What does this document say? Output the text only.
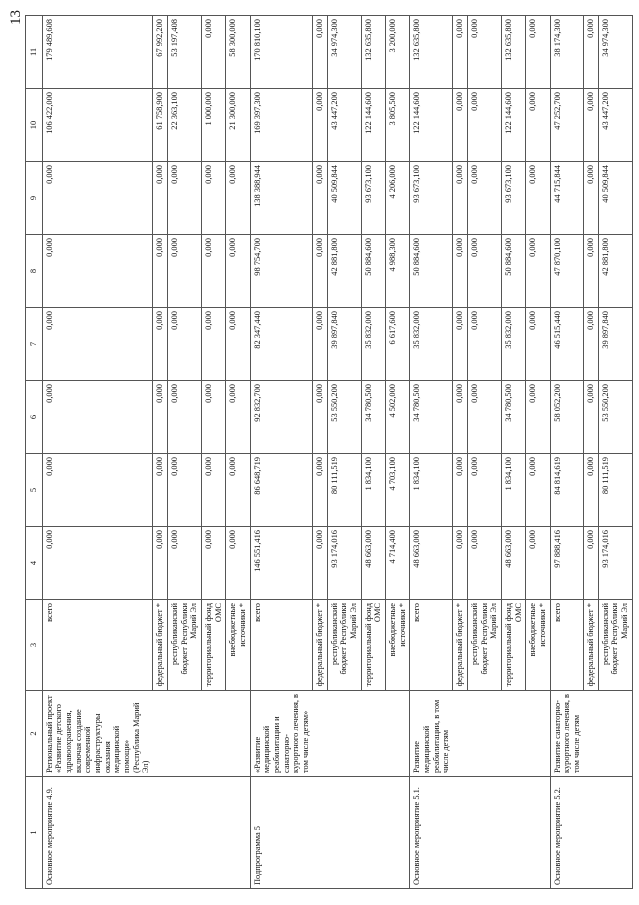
13
1	2	3	4	5	6	7	8	9	10	11
Основное мероприятие 4.9.	Региональный проект «Развитие детского здравоохранения, включая создание современной инфраструктуры оказания медицинской помощи» (Республика Марий Эл)	всего	0,000	0,000	0,000	0,000	0,000	0,000	106 422,000	179 489,608
		федеральный бюджет *	0,000	0,000	0,000	0,000	0,000	0,000	61 758,900	67 992,200
		республиканский бюджет Республики Марий Эл	0,000	0,000	0,000	0,000	0,000	0,000	22 363,100	53 197,408
		территориальный фонд ОМС	0,000	0,000	0,000	0,000	0,000	0,000	1 000,000	0,000
		внебюджетные источники *	0,000	0,000	0,000	0,000	0,000	0,000	21 300,000	58 300,000
Подпрограмма 5	«Развитие медицинской реабилитации и санаторно-курортного лечения, в том числе детям»	всего	146 551,416	86 648,719	92 832,700	82 347,440	98 754,700	138 388,944	169 397,300	170 810,100
		федеральный бюджет *	0,000	0,000	0,000	0,000	0,000	0,000	0,000	0,000
		республиканский бюджет Республики Марий Эл	93 174,016	80 111,519	53 550,200	39 897,840	42 881,800	40 509,844	43 447,200	34 974,300
		территориальный фонд ОМС	48 663,000	1 834,100	34 780,500	35 832,000	50 884,600	93 673,100	122 144,600	132 635,800
		внебюджетные источники *	4 714,400	4 703,100	4 502,000	6 617,600	4 988,300	4 206,000	3 805,500	3 200,000
Основное мероприятие 5.1.	Развитие медицинской реабилитации, в том числе детям	всего	48 663,000	1 834,100	34 780,500	35 832,000	50 884,600	93 673,100	122 144,600	132 635,800
		федеральный бюджет *	0,000	0,000	0,000	0,000	0,000	0,000	0,000	0,000
		республиканский бюджет Республики Марий Эл	0,000	0,000	0,000	0,000	0,000	0,000	0,000	0,000
		территориальный фонд ОМС	48 663,000	1 834,100	34 780,500	35 832,000	50 884,600	93 673,100	122 144,600	132 635,800
		внебюджетные источники *	0,000	0,000	0,000	0,000	0,000	0,000	0,000	0,000
Основное мероприятие 5.2.	Развитие санаторно-курортного лечения, в том числе детям	всего	97 888,416	84 814,619	58 052,200	46 515,440	47 870,100	44 715,844	47 252,700	38 174,300
		федеральный бюджет *	0,000	0,000	0,000	0,000	0,000	0,000	0,000	0,000
		республиканский бюджет Республики Марий Эл	93 174,016	80 111,519	53 550,200	39 897,840	42 881,800	40 509,844	43 447,200	34 974,300
